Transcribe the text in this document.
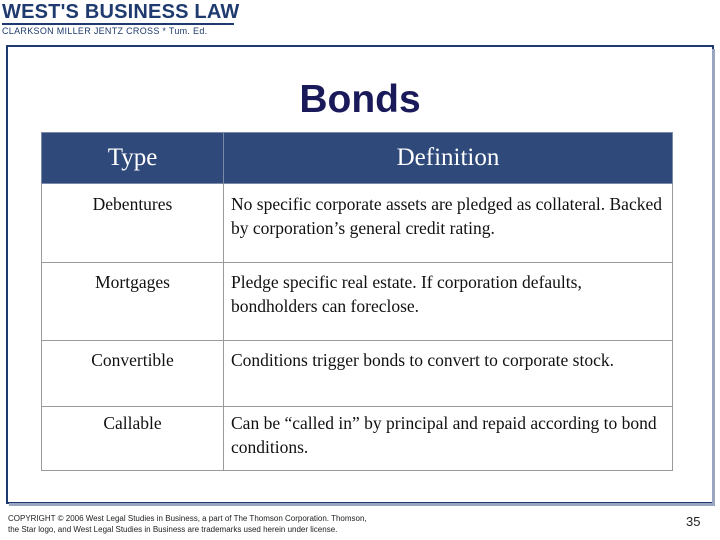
WEST'S BUSINESS LAW
CLARKSON MILLER JENTZ CROSS * Tum. Ed.
Bonds
Type	Definition
Debentures	No specific corporate assets are pledged as collateral. Backed by corporation’s general credit rating.
Mortgages	Pledge specific real estate. If corporation defaults, bondholders can foreclose.
Convertible	Conditions trigger bonds to convert to corporate stock.
Callable	Can be “called in” by principal and repaid according to bond conditions.
COPYRIGHT © 2006 West Legal Studies in Business, a part of The Thomson Corporation. Thomson,
the Star logo, and West Legal Studies in Business are trademarks used herein under license.
35
